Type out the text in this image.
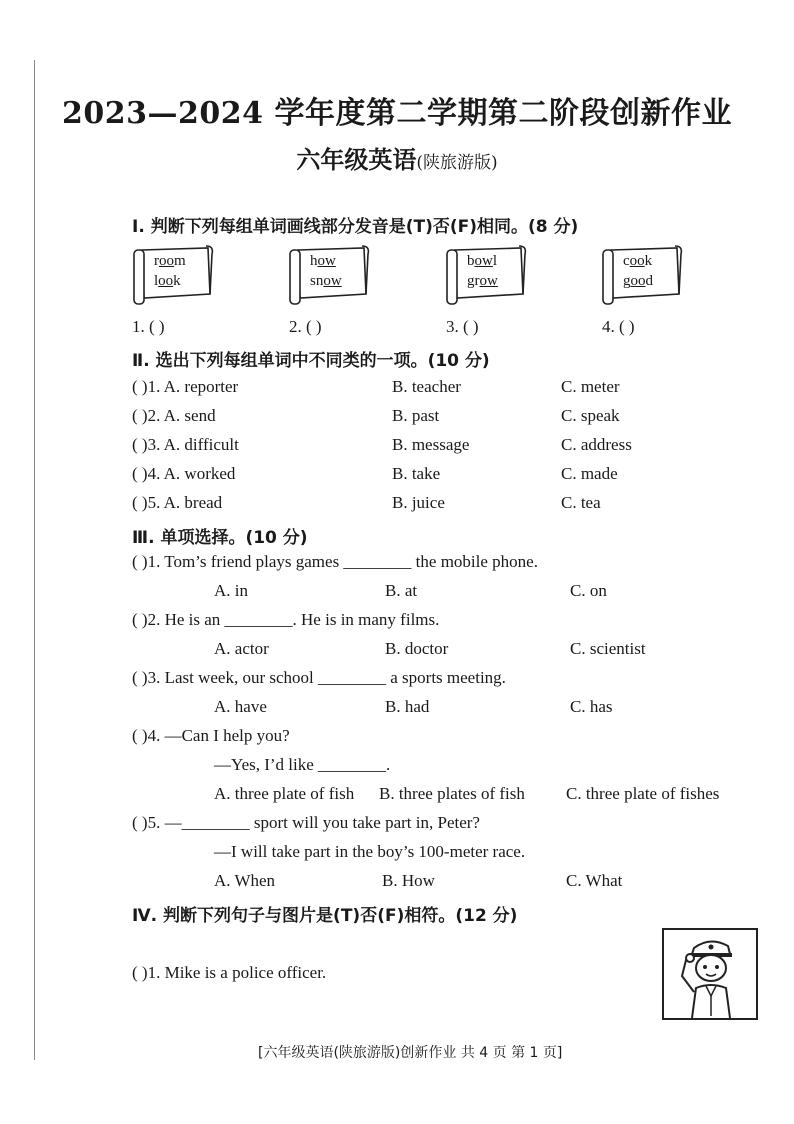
2023—2024 学年度第二学期第二阶段创新作业
六年级英语(陕旅游版)
Ⅰ. 判断下列每组单词画线部分发音是(T)否(F)相同。(8 分)
room
look
1. ( )
how
snow
2. ( )
bowl
grow
3. ( )
cook
good
4. ( )
Ⅱ. 选出下列每组单词中不同类的一项。(10 分)
( )1. A. reporter	B. teacher	C. meter
( )2. A. send	B. past	C. speak
( )3. A. difficult	B. message	C. address
( )4. A. worked	B. take	C. made
( )5. A. bread	B. juice	C. tea
Ⅲ. 单项选择。(10 分)
( )1. Tom’s friend plays games ________ the mobile phone.
A. in	B. at	C. on
( )2. He is an ________. He is in many films.
A. actor	B. doctor	C. scientist
( )3. Last week, our school ________ a sports meeting.
A. have	B. had	C. has
( )4. —Can I help you?
—Yes, I’d like ________.
A. three plate of fish B. three plates of fish C. three plate of fishes
( )5. —________ sport will you take part in, Peter?
—I will take part in the boy’s 100-meter race.
A. When	B. How	C. What
Ⅳ. 判断下列句子与图片是(T)否(F)相符。(12 分)
( )1. Mike is a police officer.
[六年级英语(陕旅游版)创新作业 共 4 页 第 1 页]
